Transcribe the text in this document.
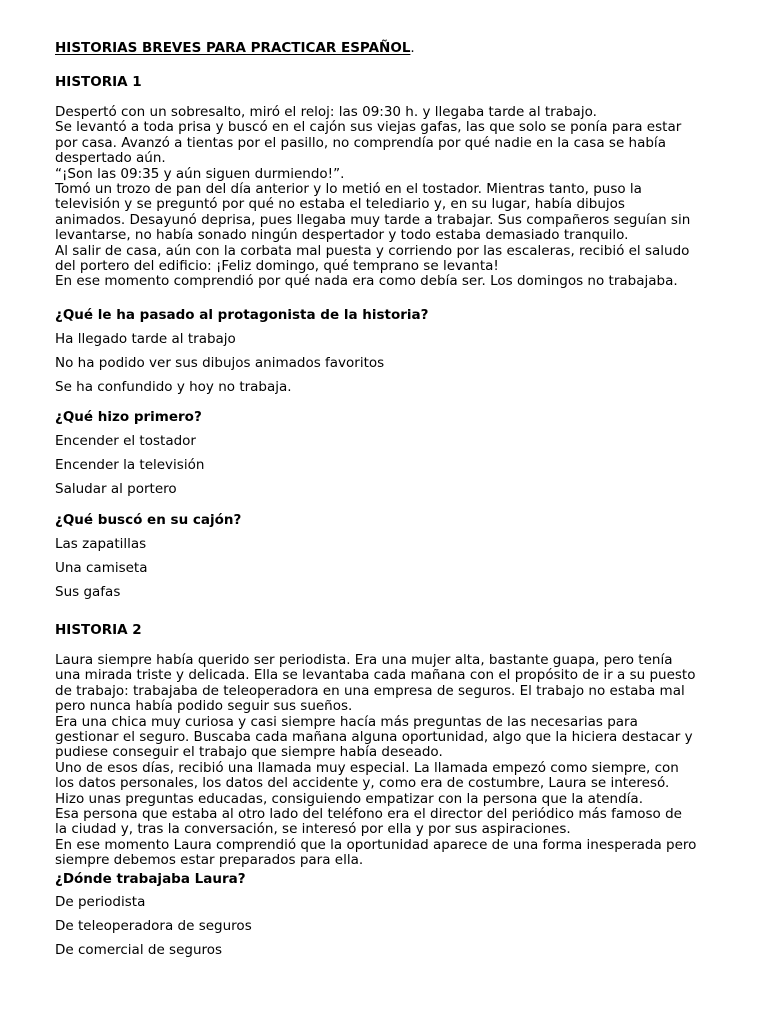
HISTORIAS BREVES PARA PRACTICAR ESPAÑOL.
HISTORIA 1
Despertó con un sobresalto, miró el reloj: las 09:30 h. y llegaba tarde al trabajo.
Se levantó a toda prisa y buscó en el cajón sus viejas gafas, las que solo se ponía para estar
por casa. Avanzó a tientas por el pasillo, no comprendía por qué nadie en la casa se había
despertado aún.
“¡Son las 09:35 y aún siguen durmiendo!”.
Tomó un trozo de pan del día anterior y lo metió en el tostador. Mientras tanto, puso la
televisión y se preguntó por qué no estaba el telediario y, en su lugar, había dibujos
animados. Desayunó deprisa, pues llegaba muy tarde a trabajar. Sus compañeros seguían sin
levantarse, no había sonado ningún despertador y todo estaba demasiado tranquilo.
Al salir de casa, aún con la corbata mal puesta y corriendo por las escaleras, recibió el saludo
del portero del edificio: ¡Feliz domingo, qué temprano se levanta!
En ese momento comprendió por qué nada era como debía ser. Los domingos no trabajaba.
¿Qué le ha pasado al protagonista de la historia?
Ha llegado tarde al trabajo
No ha podido ver sus dibujos animados favoritos
Se ha confundido y hoy no trabaja.
¿Qué hizo primero?
Encender el tostador
Encender la televisión
Saludar al portero
¿Qué buscó en su cajón?
Las zapatillas
Una camiseta
Sus gafas
HISTORIA 2
Laura siempre había querido ser periodista. Era una mujer alta, bastante guapa, pero tenía
una mirada triste y delicada. Ella se levantaba cada mañana con el propósito de ir a su puesto
de trabajo: trabajaba de teleoperadora en una empresa de seguros. El trabajo no estaba mal
pero nunca había podido seguir sus sueños.
Era una chica muy curiosa y casi siempre hacía más preguntas de las necesarias para
gestionar el seguro. Buscaba cada mañana alguna oportunidad, algo que la hiciera destacar y
pudiese conseguir el trabajo que siempre había deseado.
Uno de esos días, recibió una llamada muy especial. La llamada empezó como siempre, con
los datos personales, los datos del accidente y, como era de costumbre, Laura se interesó.
Hizo unas preguntas educadas, consiguiendo empatizar con la persona que la atendía.
Esa persona que estaba al otro lado del teléfono era el director del periódico más famoso de
la ciudad y, tras la conversación, se interesó por ella y por sus aspiraciones.
En ese momento Laura comprendió que la oportunidad aparece de una forma inesperada pero
siempre debemos estar preparados para ella.
¿Dónde trabajaba Laura?
De periodista
De teleoperadora de seguros
De comercial de seguros
